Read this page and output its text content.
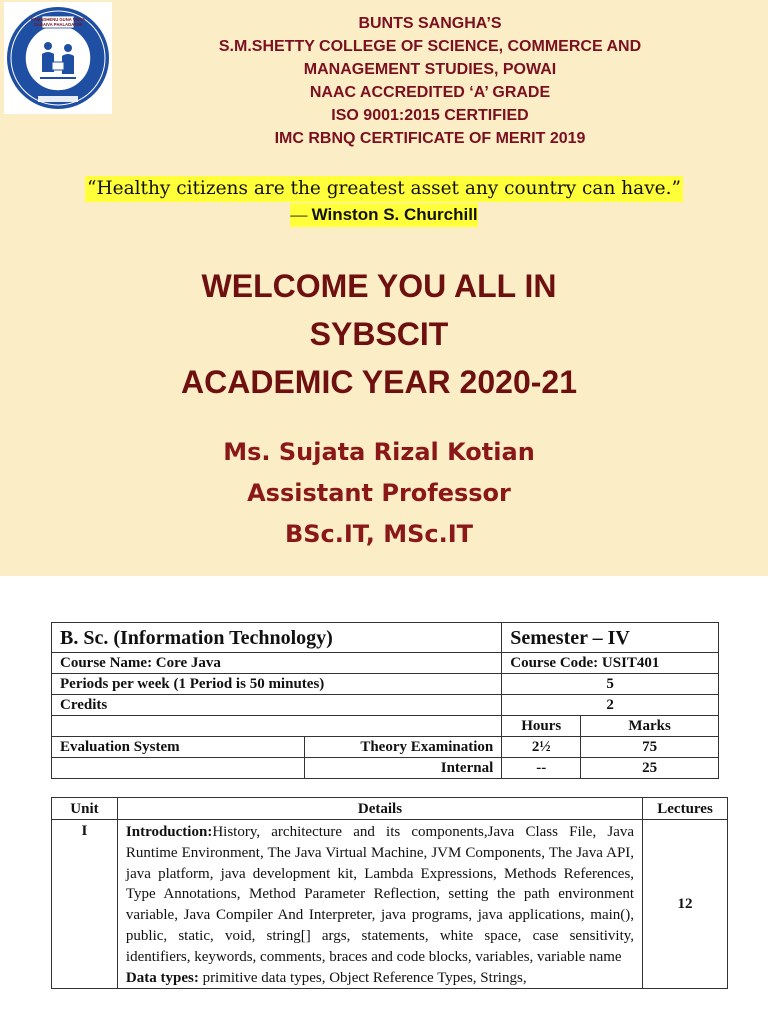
KAMADHENU GUNA VIDYA
SADAIVA PHALADAYINI	BUNTS SANGHA’S
S.M.SHETTY COLLEGE OF SCIENCE, COMMERCE AND
MANAGEMENT STUDIES, POWAI
NAAC ACCREDITED ‘A’ GRADE
ISO 9001:2015 CERTIFIED
IMC RBNQ CERTIFICATE OF MERIT 2019
“Healthy citizens are the greatest asset any country can have.”
— Winston S. Churchill
WELCOME YOU ALL IN
SYBSCIT
ACADEMIC YEAR 2020-21
Ms. Sujata Rizal Kotian
Assistant Professor
BSc.IT, MSc.IT
B. Sc. (Information Technology)		Semester – IV	
Course Name: Core Java		Course Code: USIT401	
Periods per week (1 Period is 50 minutes)		5	
Credits		2	
		Hours	Marks
Evaluation System	Theory Examination	2½	75
	Internal	--	25
Unit	Details	Lectures
I	Introduction:History, architecture and its components,Java Class File, Java Runtime Environment, The Java Virtual Machine, JVM Components, The Java API, java platform, java development kit, Lambda Expressions, Methods References, Type Annotations, Method Parameter Reflection, setting the path environment variable, Java Compiler And Interpreter, java programs, java applications, main(), public, static, void, string[] args, statements, white space, case sensitivity, identifiers, keywords, comments, braces and code blocks, variables, variable name

Data types: primitive data types, Object Reference Types, Strings,	12
